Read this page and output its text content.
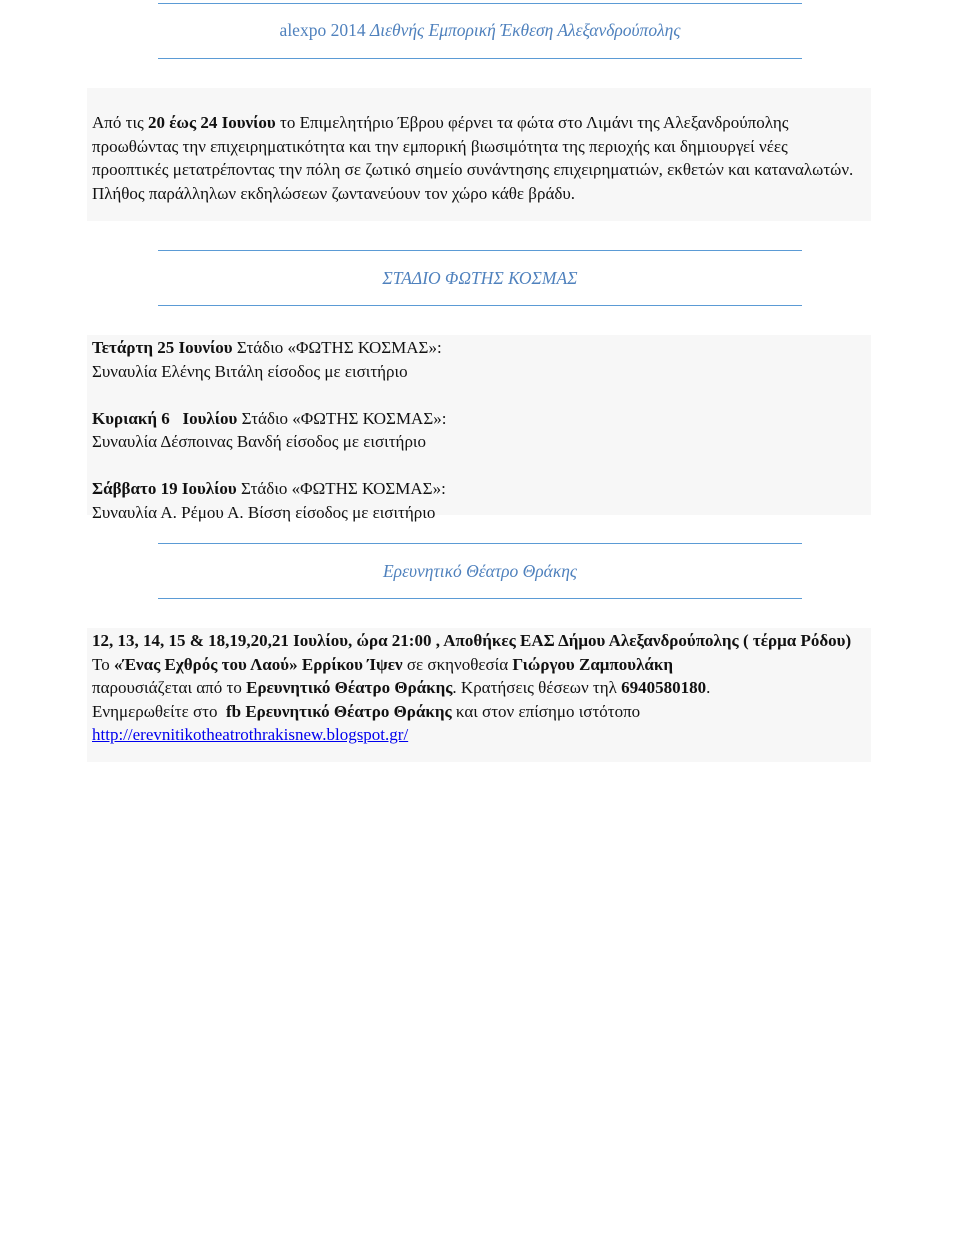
alexpo 2014 Διεθνής Εμπορική Έκθεση Αλεξανδρούπολης

Από τις 20 έως 24 Ιουνίου το Επιμελητήριο Έβρου φέρνει τα φώτα στο Λιμάνι της Αλεξανδρούπολης προωθώντας την επιχειρηματικότητα και την εμπορική βιωσιμότητα της περιοχής και δημιουργεί νέες προοπτικές μετατρέποντας την πόλη σε ζωτικό σημείο συνάντησης επιχειρηματιών, εκθετών και καταναλωτών. Πλήθος παράλληλων εκδηλώσεων ζωντανεύουν τον χώρο κάθε βράδυ.

ΣΤΑΔΙΟ ΦΩΤΗΣ ΚΟΣΜΑΣ

Τετάρτη 25 Ιουνίου Στάδιο «ΦΩΤΗΣ ΚΟΣΜΑΣ»:

Συναυλία Ελένης Βιτάλη είσοδος με εισιτήριο

Κυριακή 6   Ιουλίου Στάδιο «ΦΩΤΗΣ ΚΟΣΜΑΣ»:

Συναυλία Δέσποινας Βανδή είσοδος με εισιτήριο

Σάββατο 19 Ιουλίου Στάδιο «ΦΩΤΗΣ ΚΟΣΜΑΣ»:

Συναυλία Α. Ρέμου Α. Βίσση είσοδος με εισιτήριο

Ερευνητικό Θέατρο Θράκης

12, 13, 14, 15 & 18,19,20,21 Ιουλίου, ώρα 21:00 , Αποθήκες ΕΑΣ Δήμου Αλεξανδρούπολης ( τέρμα Ρόδου)

Το «Ένας Εχθρός του Λαού» Ερρίκου Ίψεν σε σκηνοθεσία Γιώργου Ζαμπουλάκη

παρουσιάζεται από το Ερευνητικό Θέατρο Θράκης. Κρατήσεις θέσεων τηλ 6940580180.

Ενημερωθείτε στο  fb Ερευνητικό Θέατρο Θράκης και στον επίσημο ιστότοπο

http://erevnitikotheatrothrakisnew.blogspot.gr/
